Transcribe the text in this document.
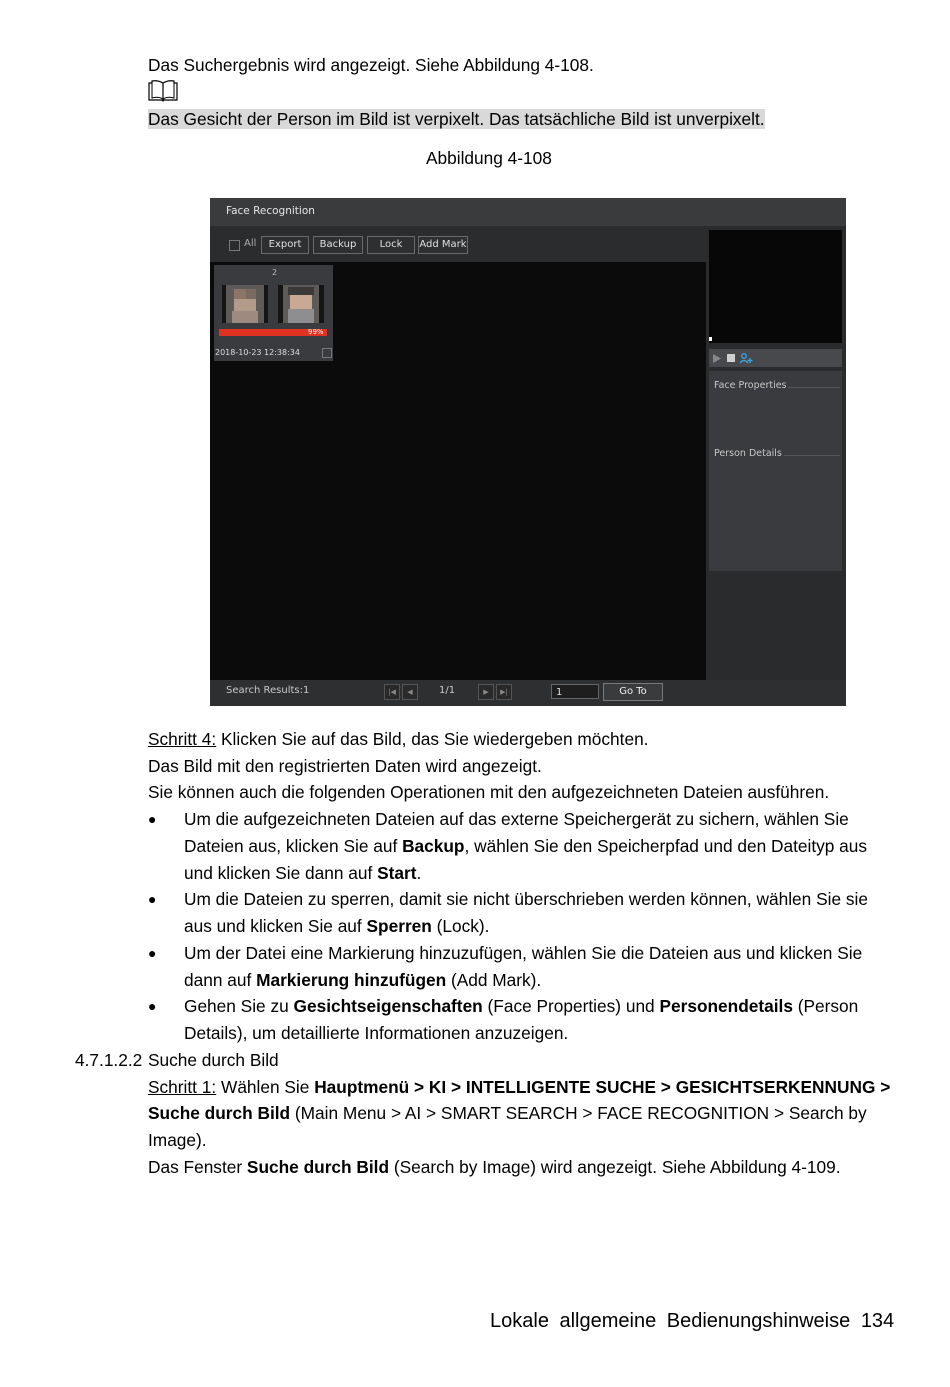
Das Suchergebnis wird angezeigt. Siehe Abbildung 4-108.
Das Gesicht der Person im Bild ist verpixelt. Das tatsächliche Bild ist unverpixelt.
Abbildung 4-108
Face Recognition
All	Export	Backup	Lock	Add Mark
2
99%
2018-10-23 12:38:34
Face Properties
Person Details
Search Results:1	|◀	◀	1/1	▶	▶|	1	Go To
Schritt 4: Klicken Sie auf das Bild, das Sie wiedergeben möchten.
Das Bild mit den registrierten Daten wird angezeigt.
Sie können auch die folgenden Operationen mit den aufgezeichneten Dateien ausführen.
● Um die aufgezeichneten Dateien auf das externe Speichergerät zu sichern, wählen Sie
Dateien aus, klicken Sie auf Backup, wählen Sie den Speicherpfad und den Dateityp aus
und klicken Sie dann auf Start.
● Um die Dateien zu sperren, damit sie nicht überschrieben werden können, wählen Sie sie
aus und klicken Sie auf Sperren (Lock).
● Um der Datei eine Markierung hinzuzufügen, wählen Sie die Dateien aus und klicken Sie
dann auf Markierung hinzufügen (Add Mark).
● Gehen Sie zu Gesichtseigenschaften (Face Properties) und Personendetails (Person
Details), um detaillierte Informationen anzuzeigen.
4.7.1.2.2 Suche durch Bild
Schritt 1: Wählen Sie Hauptmenü > KI > INTELLIGENTE SUCHE > GESICHTSERKENNUNG >
Suche durch Bild (Main Menu > AI > SMART SEARCH > FACE RECOGNITION > Search by
Image).
Das Fenster Suche durch Bild (Search by Image) wird angezeigt. Siehe Abbildung 4-109.
Lokale allgemeine Bedienungshinweise 134
